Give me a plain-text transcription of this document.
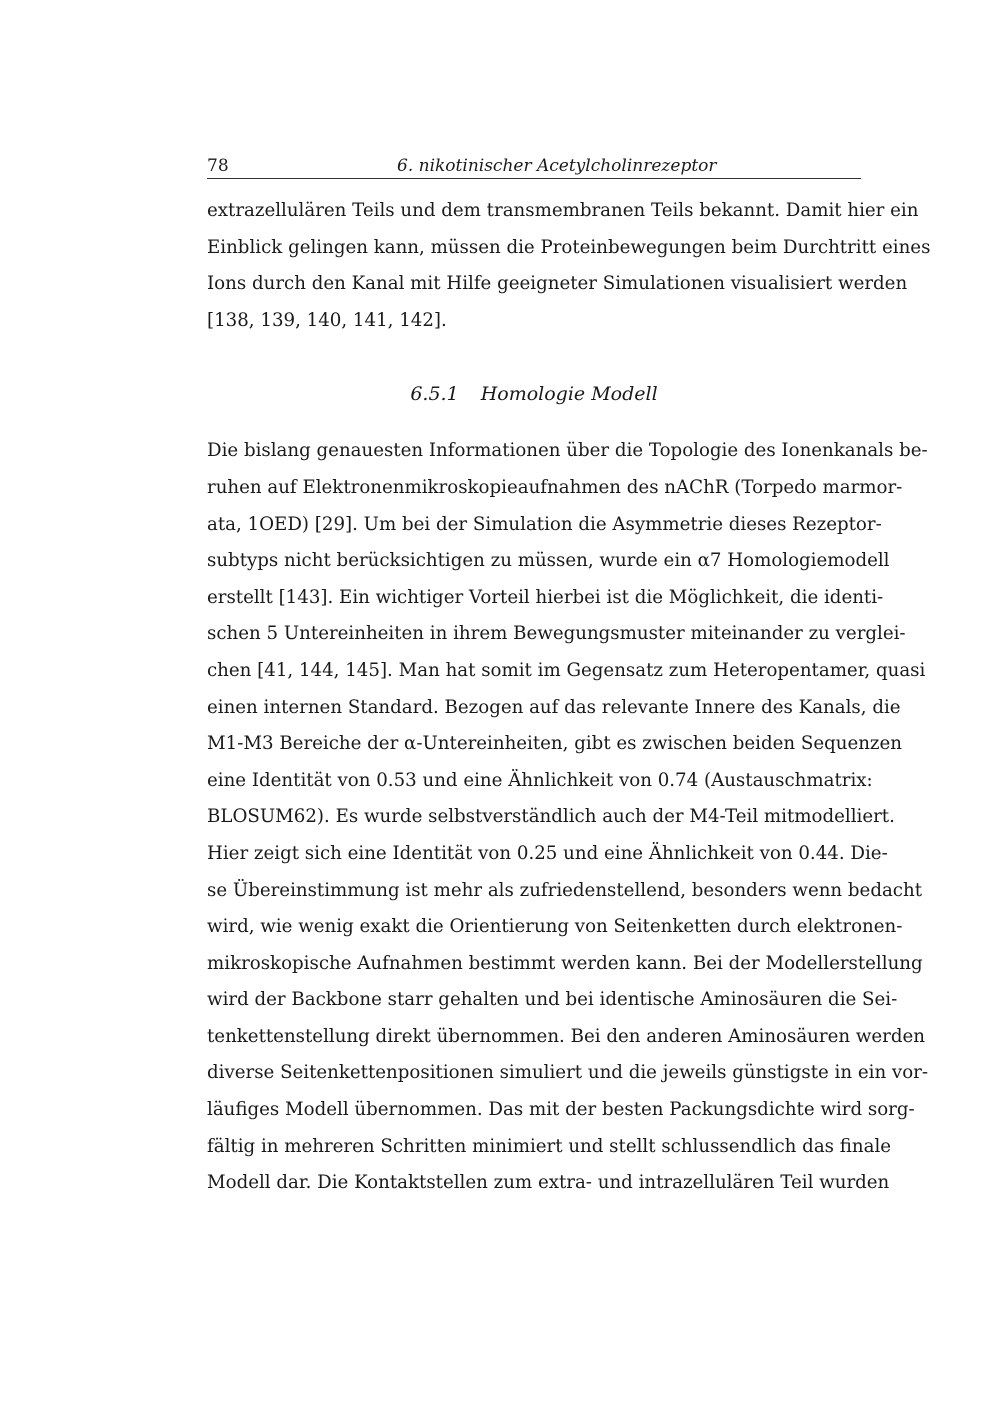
78	6. nikotinischer Acetylcholinrezeptor
extrazellulären Teils und dem transmembranen Teils bekannt. Damit hier ein
Einblick gelingen kann, müssen die Proteinbewegungen beim Durchtritt eines
Ions durch den Kanal mit Hilfe geeigneter Simulationen visualisiert werden
[138, 139, 140, 141, 142].
6.5.1 Homologie Modell
Die bislang genauesten Informationen über die Topologie des Ionenkanals be-
ruhen auf Elektronenmikroskopieaufnahmen des nAChR (Torpedo marmor-
ata, 1OED) [29]. Um bei der Simulation die Asymmetrie dieses Rezeptor-
subtyps nicht berücksichtigen zu müssen, wurde ein α7 Homologiemodell
erstellt [143]. Ein wichtiger Vorteil hierbei ist die Möglichkeit, die identi-
schen 5 Untereinheiten in ihrem Bewegungsmuster miteinander zu verglei-
chen [41, 144, 145]. Man hat somit im Gegensatz zum Heteropentamer, quasi
einen internen Standard. Bezogen auf das relevante Innere des Kanals, die
M1-M3 Bereiche der α-Untereinheiten, gibt es zwischen beiden Sequenzen
eine Identität von 0.53 und eine Ähnlichkeit von 0.74 (Austauschmatrix:
BLOSUM62). Es wurde selbstverständlich auch der M4-Teil mitmodelliert.
Hier zeigt sich eine Identität von 0.25 und eine Ähnlichkeit von 0.44. Die-
se Übereinstimmung ist mehr als zufriedenstellend, besonders wenn bedacht
wird, wie wenig exakt die Orientierung von Seitenketten durch elektronen-
mikroskopische Aufnahmen bestimmt werden kann. Bei der Modellerstellung
wird der Backbone starr gehalten und bei identische Aminosäuren die Sei-
tenkettenstellung direkt übernommen. Bei den anderen Aminosäuren werden
diverse Seitenkettenpositionen simuliert und die jeweils günstigste in ein vor-
läufiges Modell übernommen. Das mit der besten Packungsdichte wird sorg-
fältig in mehreren Schritten minimiert und stellt schlussendlich das finale
Modell dar. Die Kontaktstellen zum extra- und intrazellulären Teil wurden
